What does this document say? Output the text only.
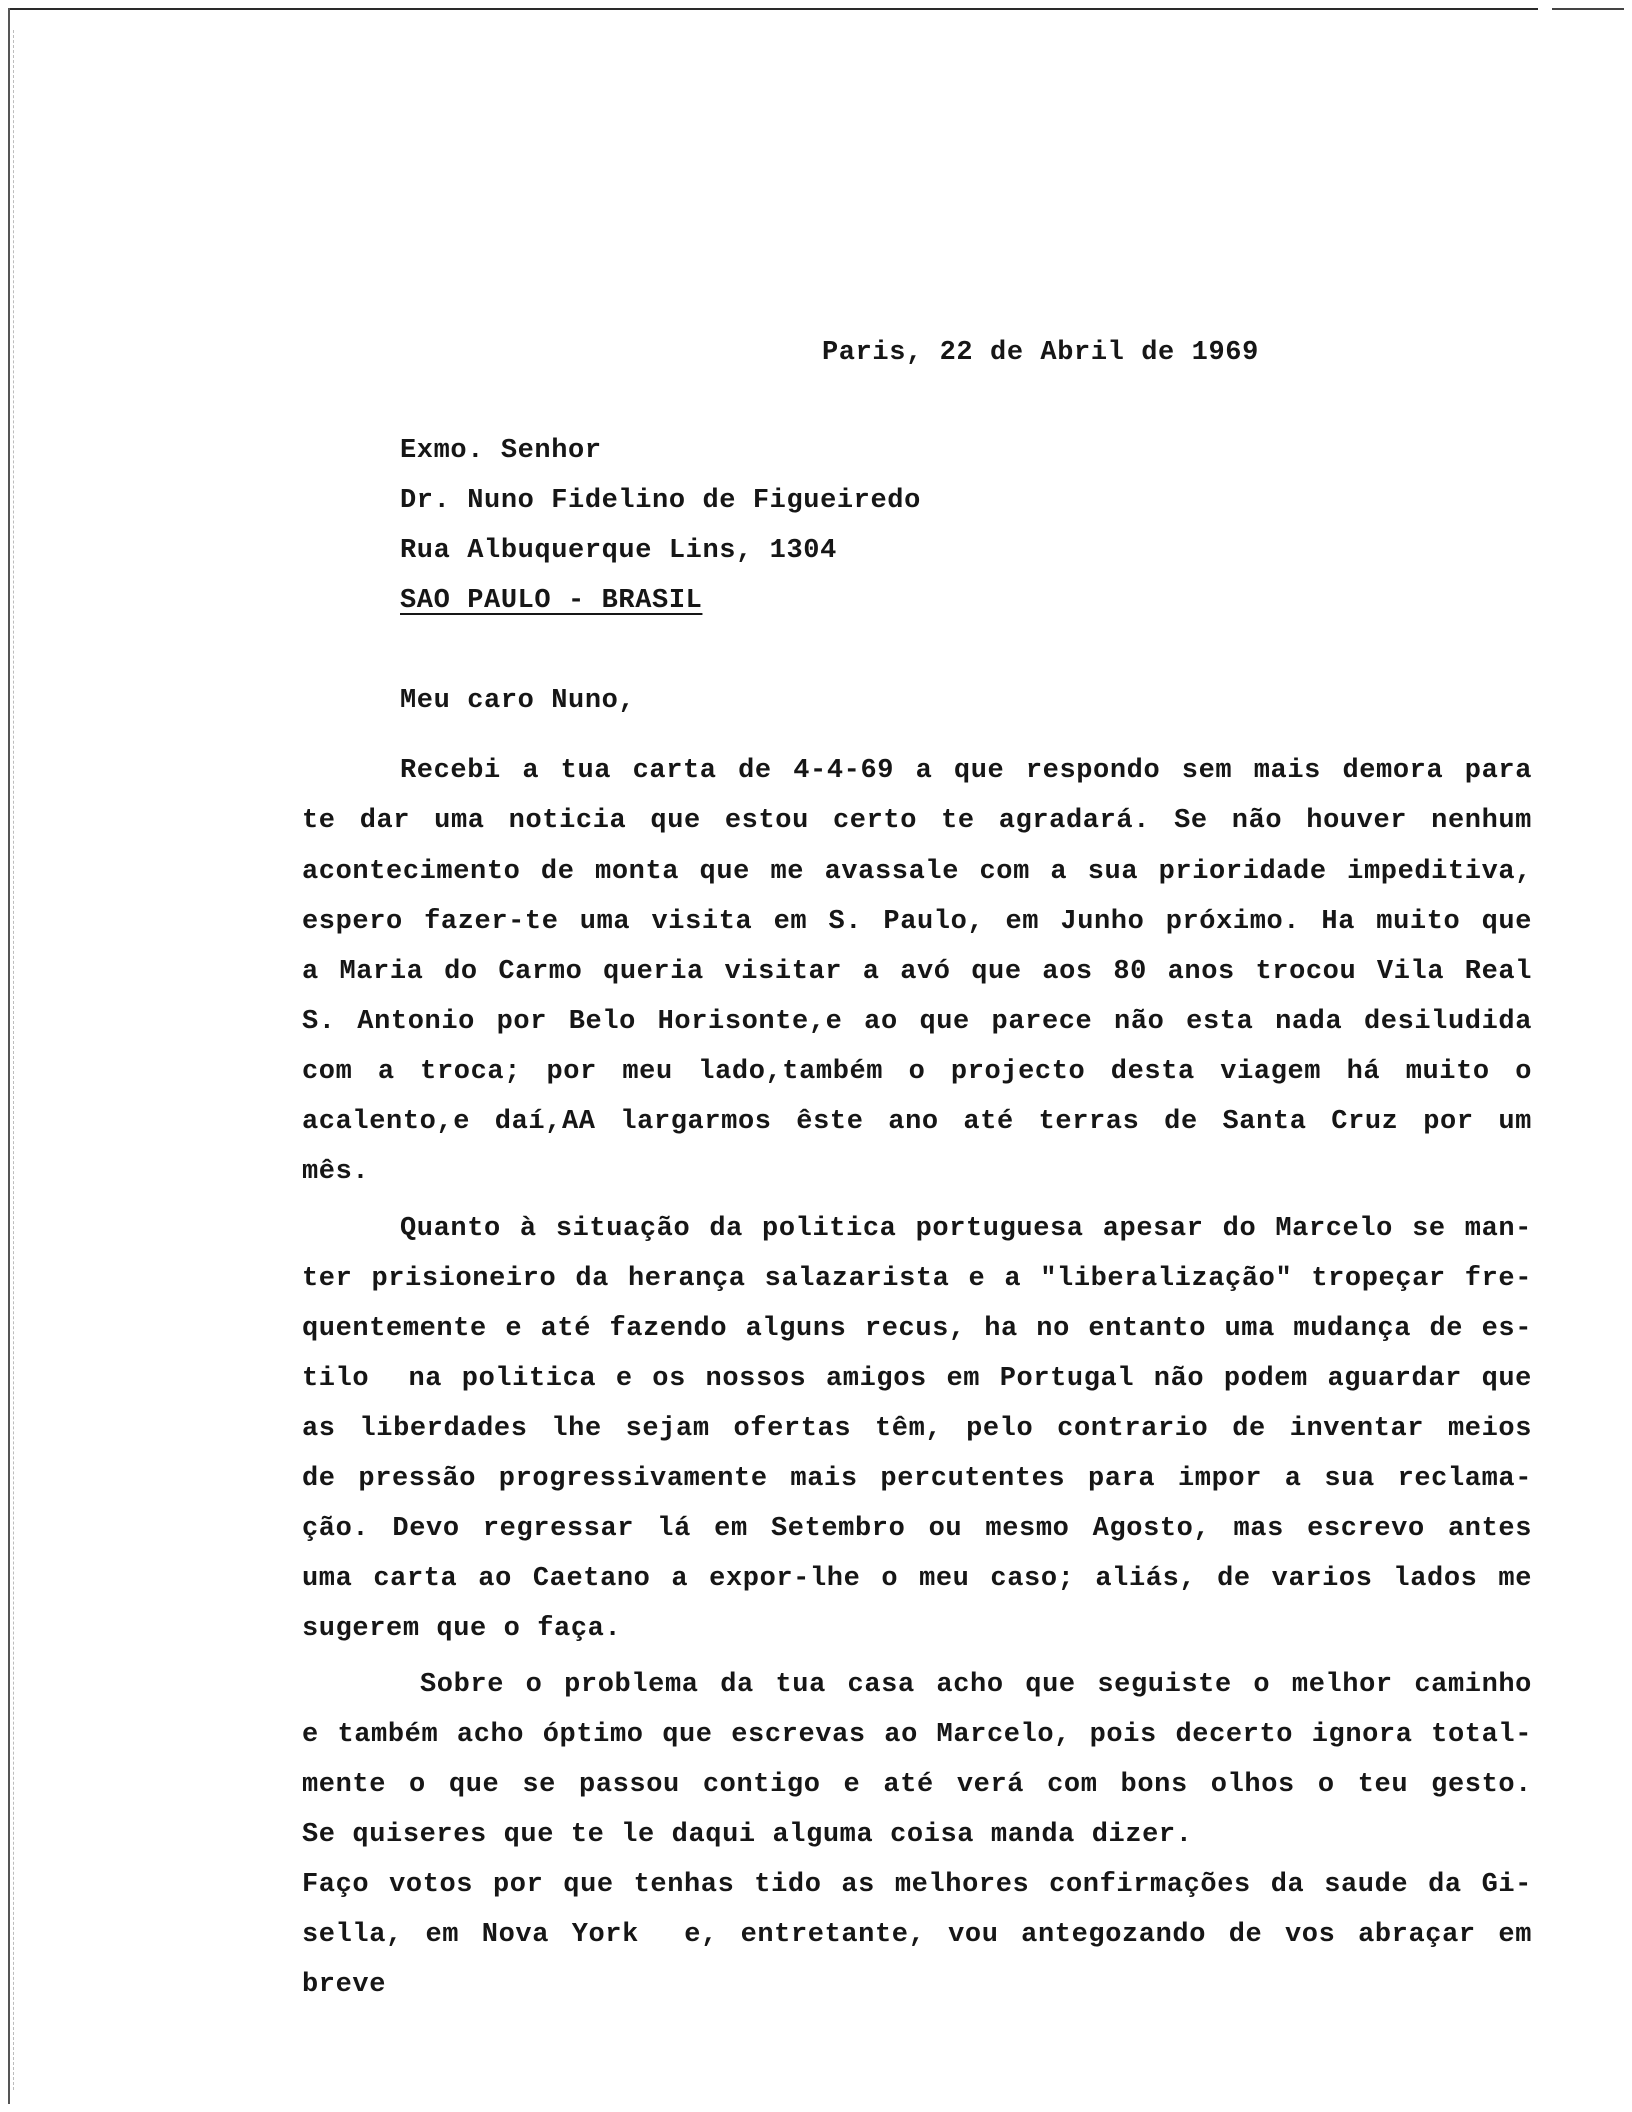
Paris, 22 de Abril de 1969
Exmo. Senhor
Dr. Nuno Fidelino de Figueiredo
Rua Albuquerque Lins, 1304
SAO PAULO - BRASIL
Meu caro Nuno,
Recebi a tua carta de 4-4-69 a que respondo sem mais demora para
te dar uma noticia que estou certo te agradará. Se não houver nenhum
acontecimento de monta que me avassale com a sua prioridade impeditiva,
espero fazer-te uma visita em S. Paulo, em Junho próximo. Ha muito que
a Maria do Carmo queria visitar a avó que aos 80 anos trocou Vila Real
S. Antonio por Belo Horisonte,e ao que parece não esta nada desiludida
com a troca; por meu lado,também o projecto desta viagem há muito o
acalento,e daí,AA largarmos êste ano até terras de Santa Cruz por um
mês.
Quanto à situação da politica portuguesa apesar do Marcelo se man-
ter prisioneiro da herança salazarista e a "liberalização" tropeçar fre-
quentemente e até fazendo alguns recus, ha no entanto uma mudança de es-
tilo  na politica e os nossos amigos em Portugal não podem aguardar que
as liberdades lhe sejam ofertas têm, pelo contrario de inventar meios
de pressão progressivamente mais percutentes para impor a sua reclama-
ção. Devo regressar lá em Setembro ou mesmo Agosto, mas escrevo antes
uma carta ao Caetano a expor-lhe o meu caso; aliás, de varios lados me
sugerem que o faça.
Sobre o problema da tua casa acho que seguiste o melhor caminho
e também acho óptimo que escrevas ao Marcelo, pois decerto ignora total-
mente o que se passou contigo e até verá com bons olhos o teu gesto.
Se quiseres que te le daqui alguma coisa manda dizer.
Faço votos por que tenhas tido as melhores confirmações da saude da Gi-
sella, em Nova York  e, entretante, vou antegozando de vos abraçar em
breve
